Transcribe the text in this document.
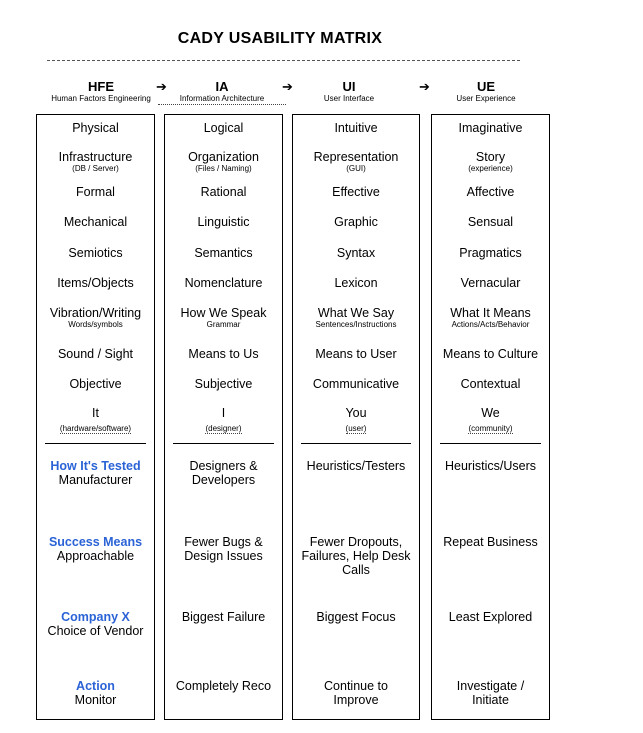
CADY USABILITY MATRIX
HFE
Human Factors Engineering
➔
Physical
Infrastructure
(DB / Server)
Formal
Mechanical
Semiotics
Items/Objects
Vibration/Writing
Words/symbols
Sound / Sight
Objective
It
(hardware/software)
How It's Tested
Manufacturer
Success Means
Approachable
Company X
Choice of Vendor
Action
Monitor
IA
Information Architecture
➔
Logical
Organization
(Files / Naming)
Rational
Linguistic
Semantics
Nomenclature
How We Speak
Grammar
Means to Us
Subjective
I
(designer)
Designers & Developers
Fewer Bugs & Design Issues
Biggest Failure
Completely Reco
UI
User Interface
➔
Intuitive
Representation
(GUI)
Effective
Graphic
Syntax
Lexicon
What We Say
Sentences/Instructions
Means to User
Communicative
You
(user)
Heuristics/Testers
Fewer Dropouts, Failures, Help Desk Calls
Biggest Focus
Continue to Improve
UE
User Experience
Imaginative
Story
(experience)
Affective
Sensual
Pragmatics
Vernacular
What It Means
Actions/Acts/Behavior
Means to Culture
Contextual
We
(community)
Heuristics/Users
Repeat Business
Least Explored
Investigate / Initiate
